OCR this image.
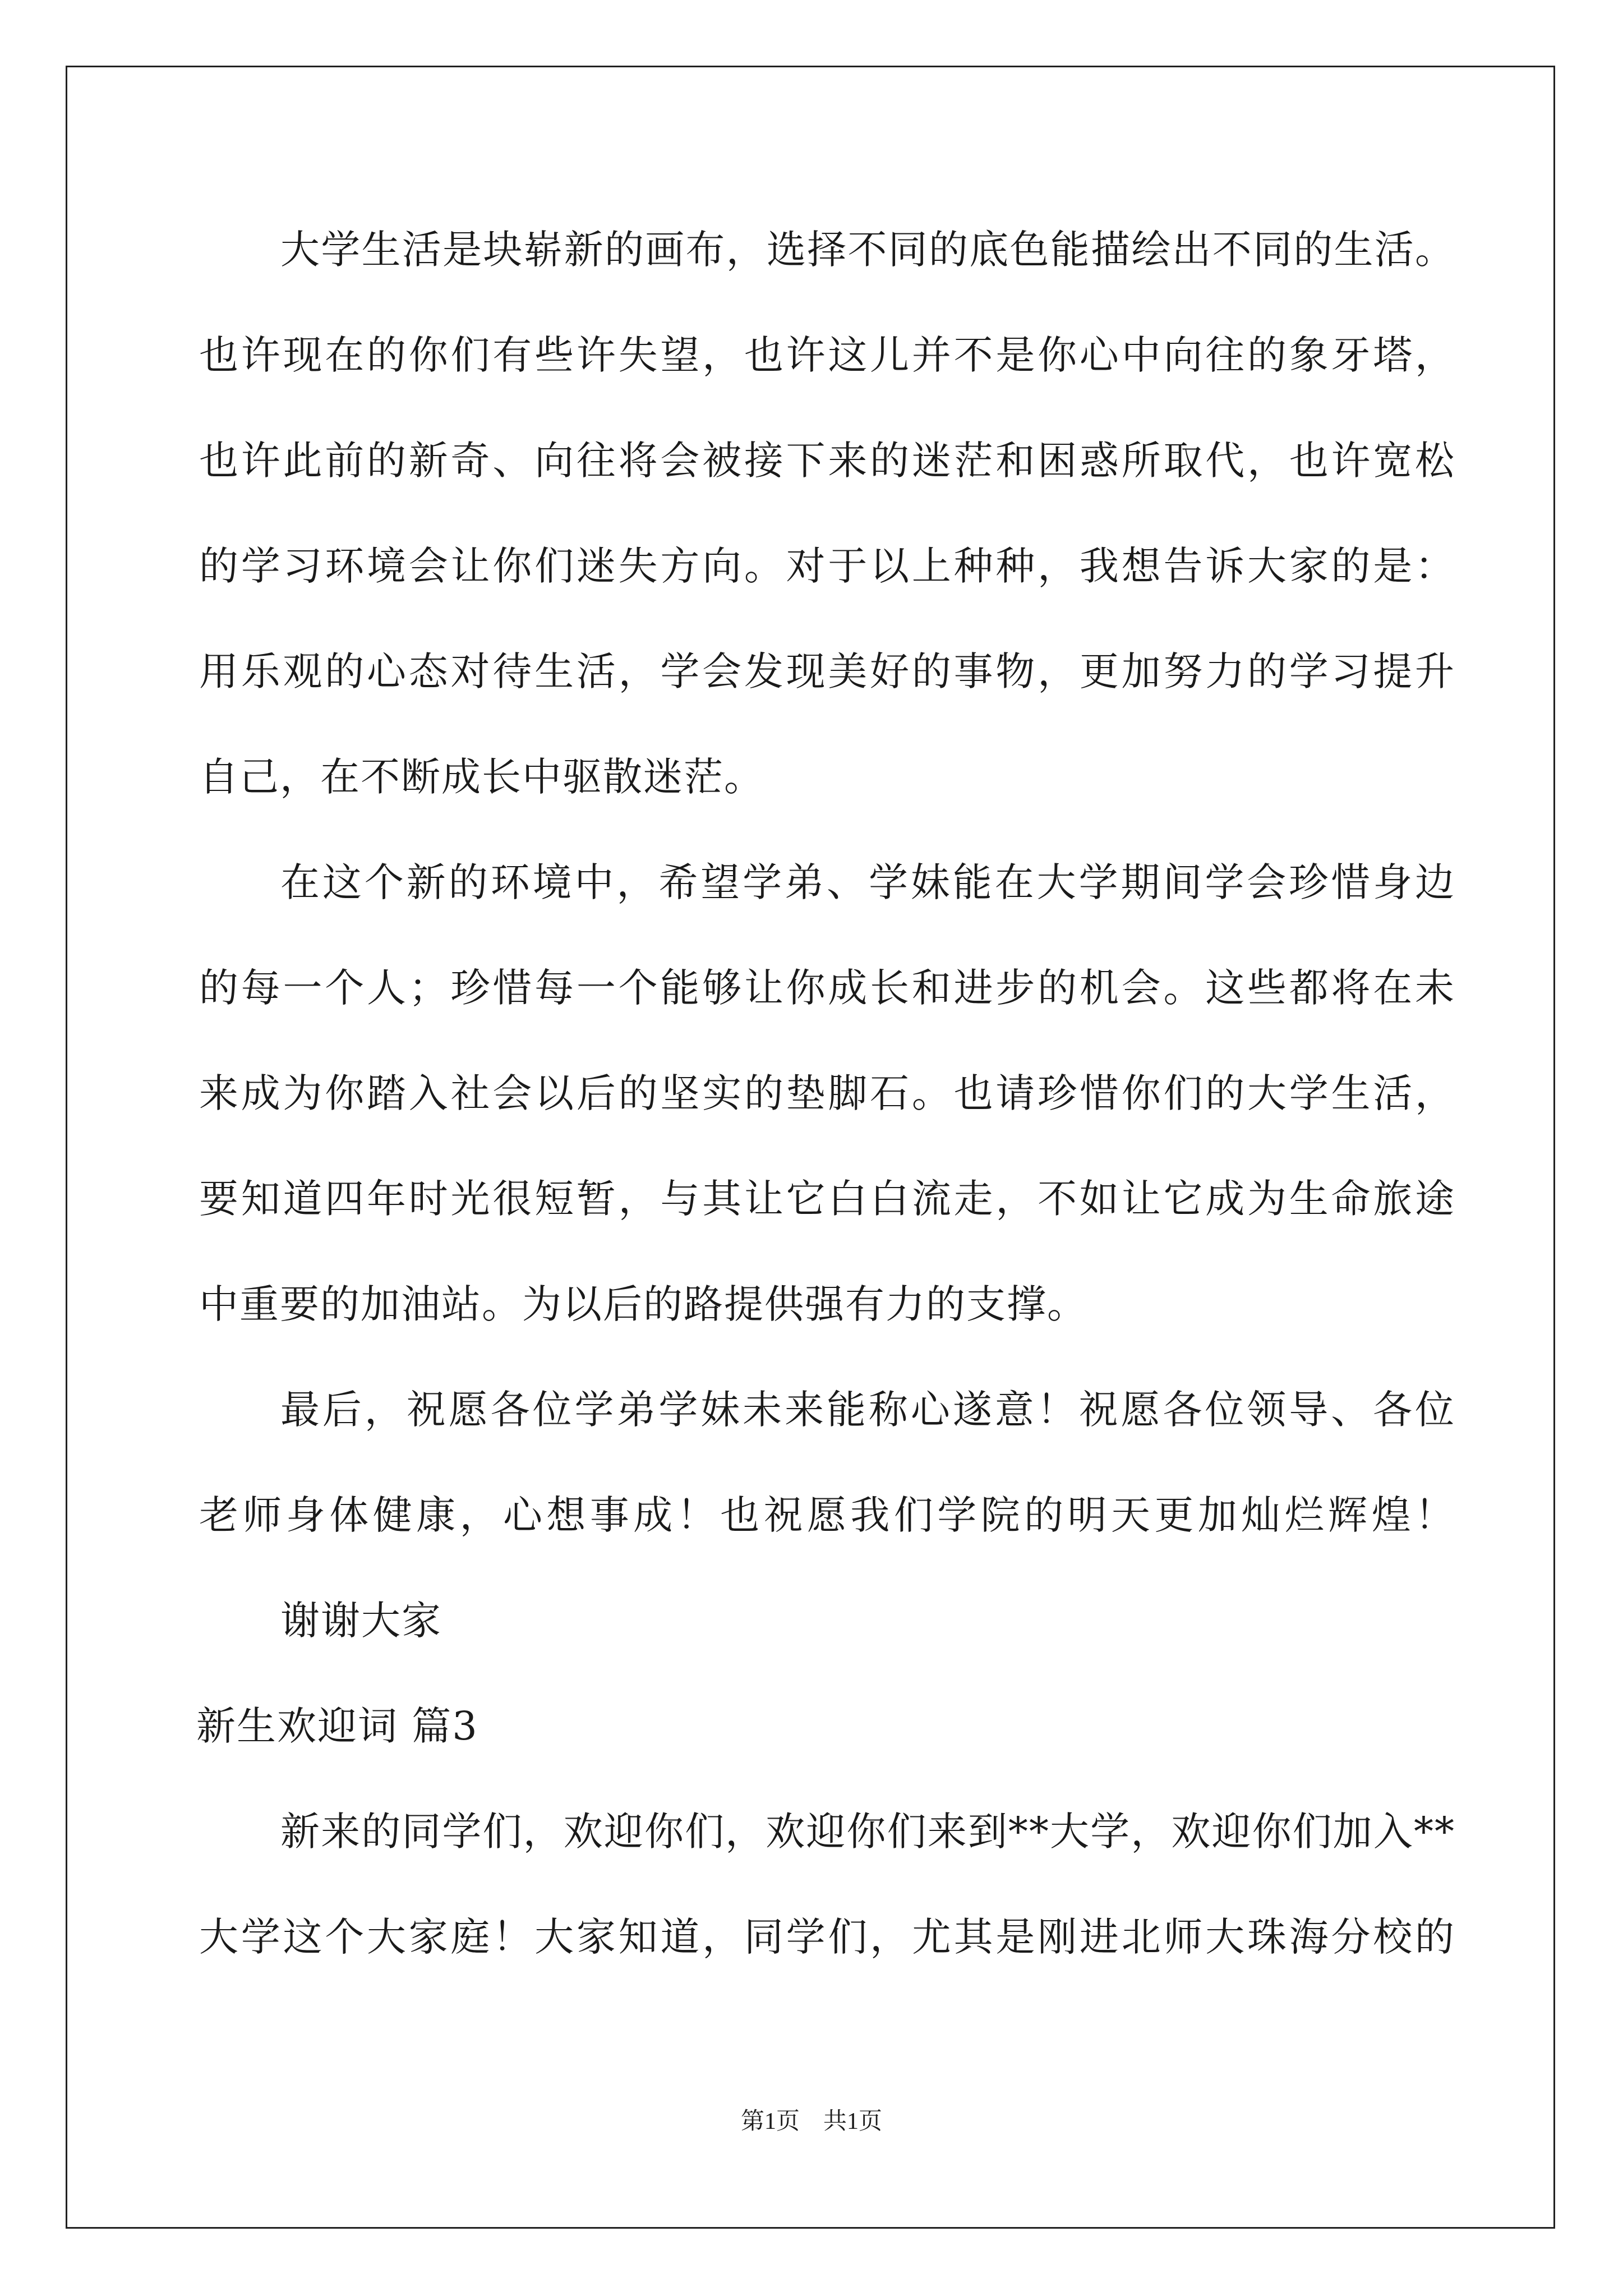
大学生活是块崭新的画布，选择不同的底色能描绘出不同的生活。
也许现在的你们有些许失望，也许这儿并不是你心中向往的象牙塔，
也许此前的新奇、向往将会被接下来的迷茫和困惑所取代，也许宽松
的学习环境会让你们迷失方向。对于以上种种，我想告诉大家的是：
用乐观的心态对待生活，学会发现美好的事物，更加努力的学习提升
自己，在不断成长中驱散迷茫。
在这个新的环境中，希望学弟、学妹能在大学期间学会珍惜身边
的每一个人；珍惜每一个能够让你成长和进步的机会。这些都将在未
来成为你踏入社会以后的坚实的垫脚石。也请珍惜你们的大学生活，
要知道四年时光很短暂，与其让它白白流走，不如让它成为生命旅途
中重要的加油站。为以后的路提供强有力的支撑。
最后，祝愿各位学弟学妹未来能称心遂意！祝愿各位领导、各位
老师身体健康，心想事成！也祝愿我们学院的明天更加灿烂辉煌！
谢谢大家
新生欢迎词 篇3
新来的同学们，欢迎你们，欢迎你们来到**大学，欢迎你们加入**
大学这个大家庭！大家知道，同学们，尤其是刚进北师大珠海分校的
第1页　共1页
